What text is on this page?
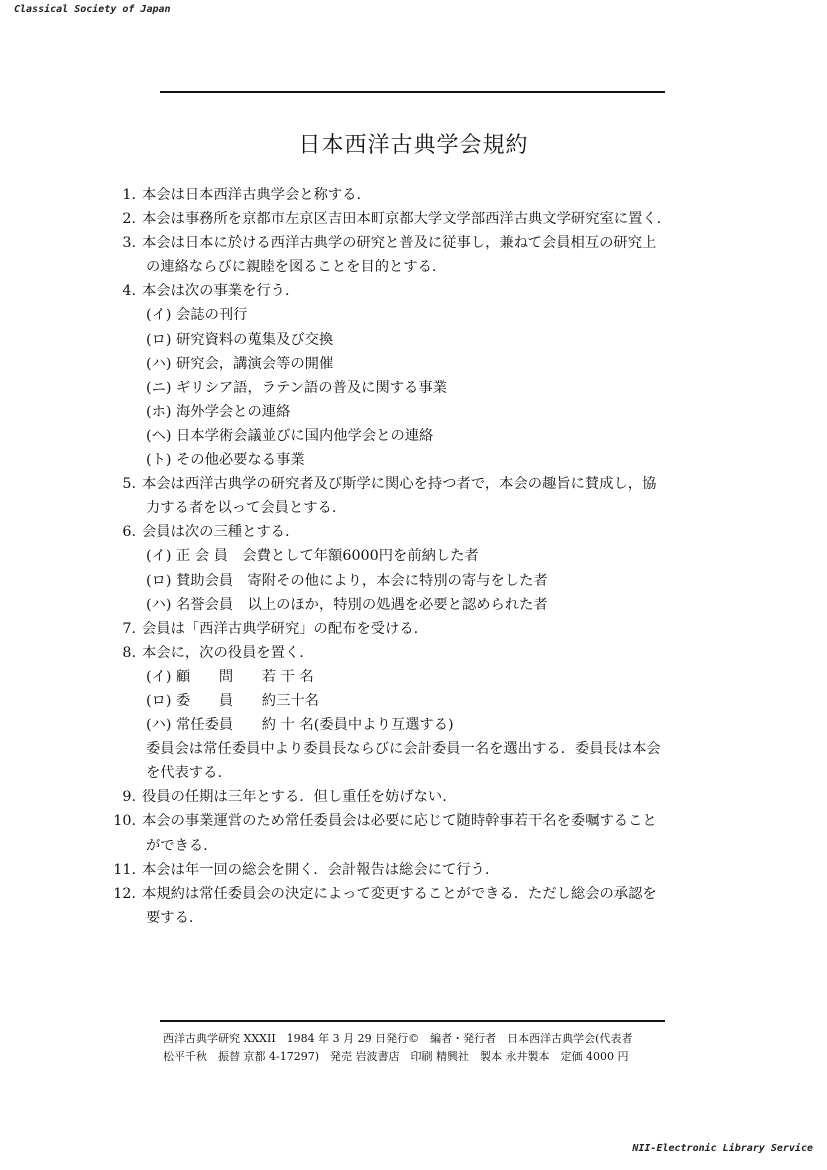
Classical Society of Japan
日本西洋古典学会規約
1. 本会は日本西洋古典学会と称する.
2. 本会は事務所を京都市左京区吉田本町京都大学文学部西洋古典文学研究室に置く.
3. 本会は日本に於ける西洋古典学の研究と普及に従事し，兼ねて会員相互の研究上
の連絡ならびに親睦を図ることを目的とする.
4. 本会は次の事業を行う.
(イ) 会誌の刊行
(ロ) 研究資料の蒐集及び交換
(ハ) 研究会，講演会等の開催
(ニ) ギリシア語，ラテン語の普及に関する事業
(ホ) 海外学会との連絡
(ヘ) 日本学術会議並びに国内他学会との連絡
(ト) その他必要なる事業
5. 本会は西洋古典学の研究者及び斯学に関心を持つ者で，本会の趣旨に賛成し，協
力する者を以って会員とする.
6. 会員は次の三種とする.
(イ) 正 会 員　会費として年額6000円を前納した者
(ロ) 賛助会員　寄附その他により，本会に特別の寄与をした者
(ハ) 名誉会員　以上のほか，特別の処遇を必要と認められた者
7. 会員は「西洋古典学研究」の配布を受ける.
8. 本会に，次の役員を置く.
(イ) 顧　　問　　若 干 名
(ロ) 委　　員　　約三十名
(ハ) 常任委員　　約 十 名(委員中より互選する)
委員会は常任委員中より委員長ならびに会計委員一名を選出する．委員長は本会
を代表する.
9. 役員の任期は三年とする．但し重任を妨げない.
10. 本会の事業運営のため常任委員会は必要に応じて随時幹事若干名を委嘱すること
ができる.
11. 本会は年一回の総会を開く．会計報告は総会にて行う.
12. 本規約は常任委員会の決定によって変更することができる．ただし総会の承認を
要する.
西洋古典学研究 XXXII　1984 年 3 月 29 日発行©　編者・発行者　日本西洋古典学会(代表者
松平千秋　振替 京都 4-17297)　発売 岩波書店　印刷 精興社　製本 永井製本　定価 4000 円
NII-Electronic Library Service
